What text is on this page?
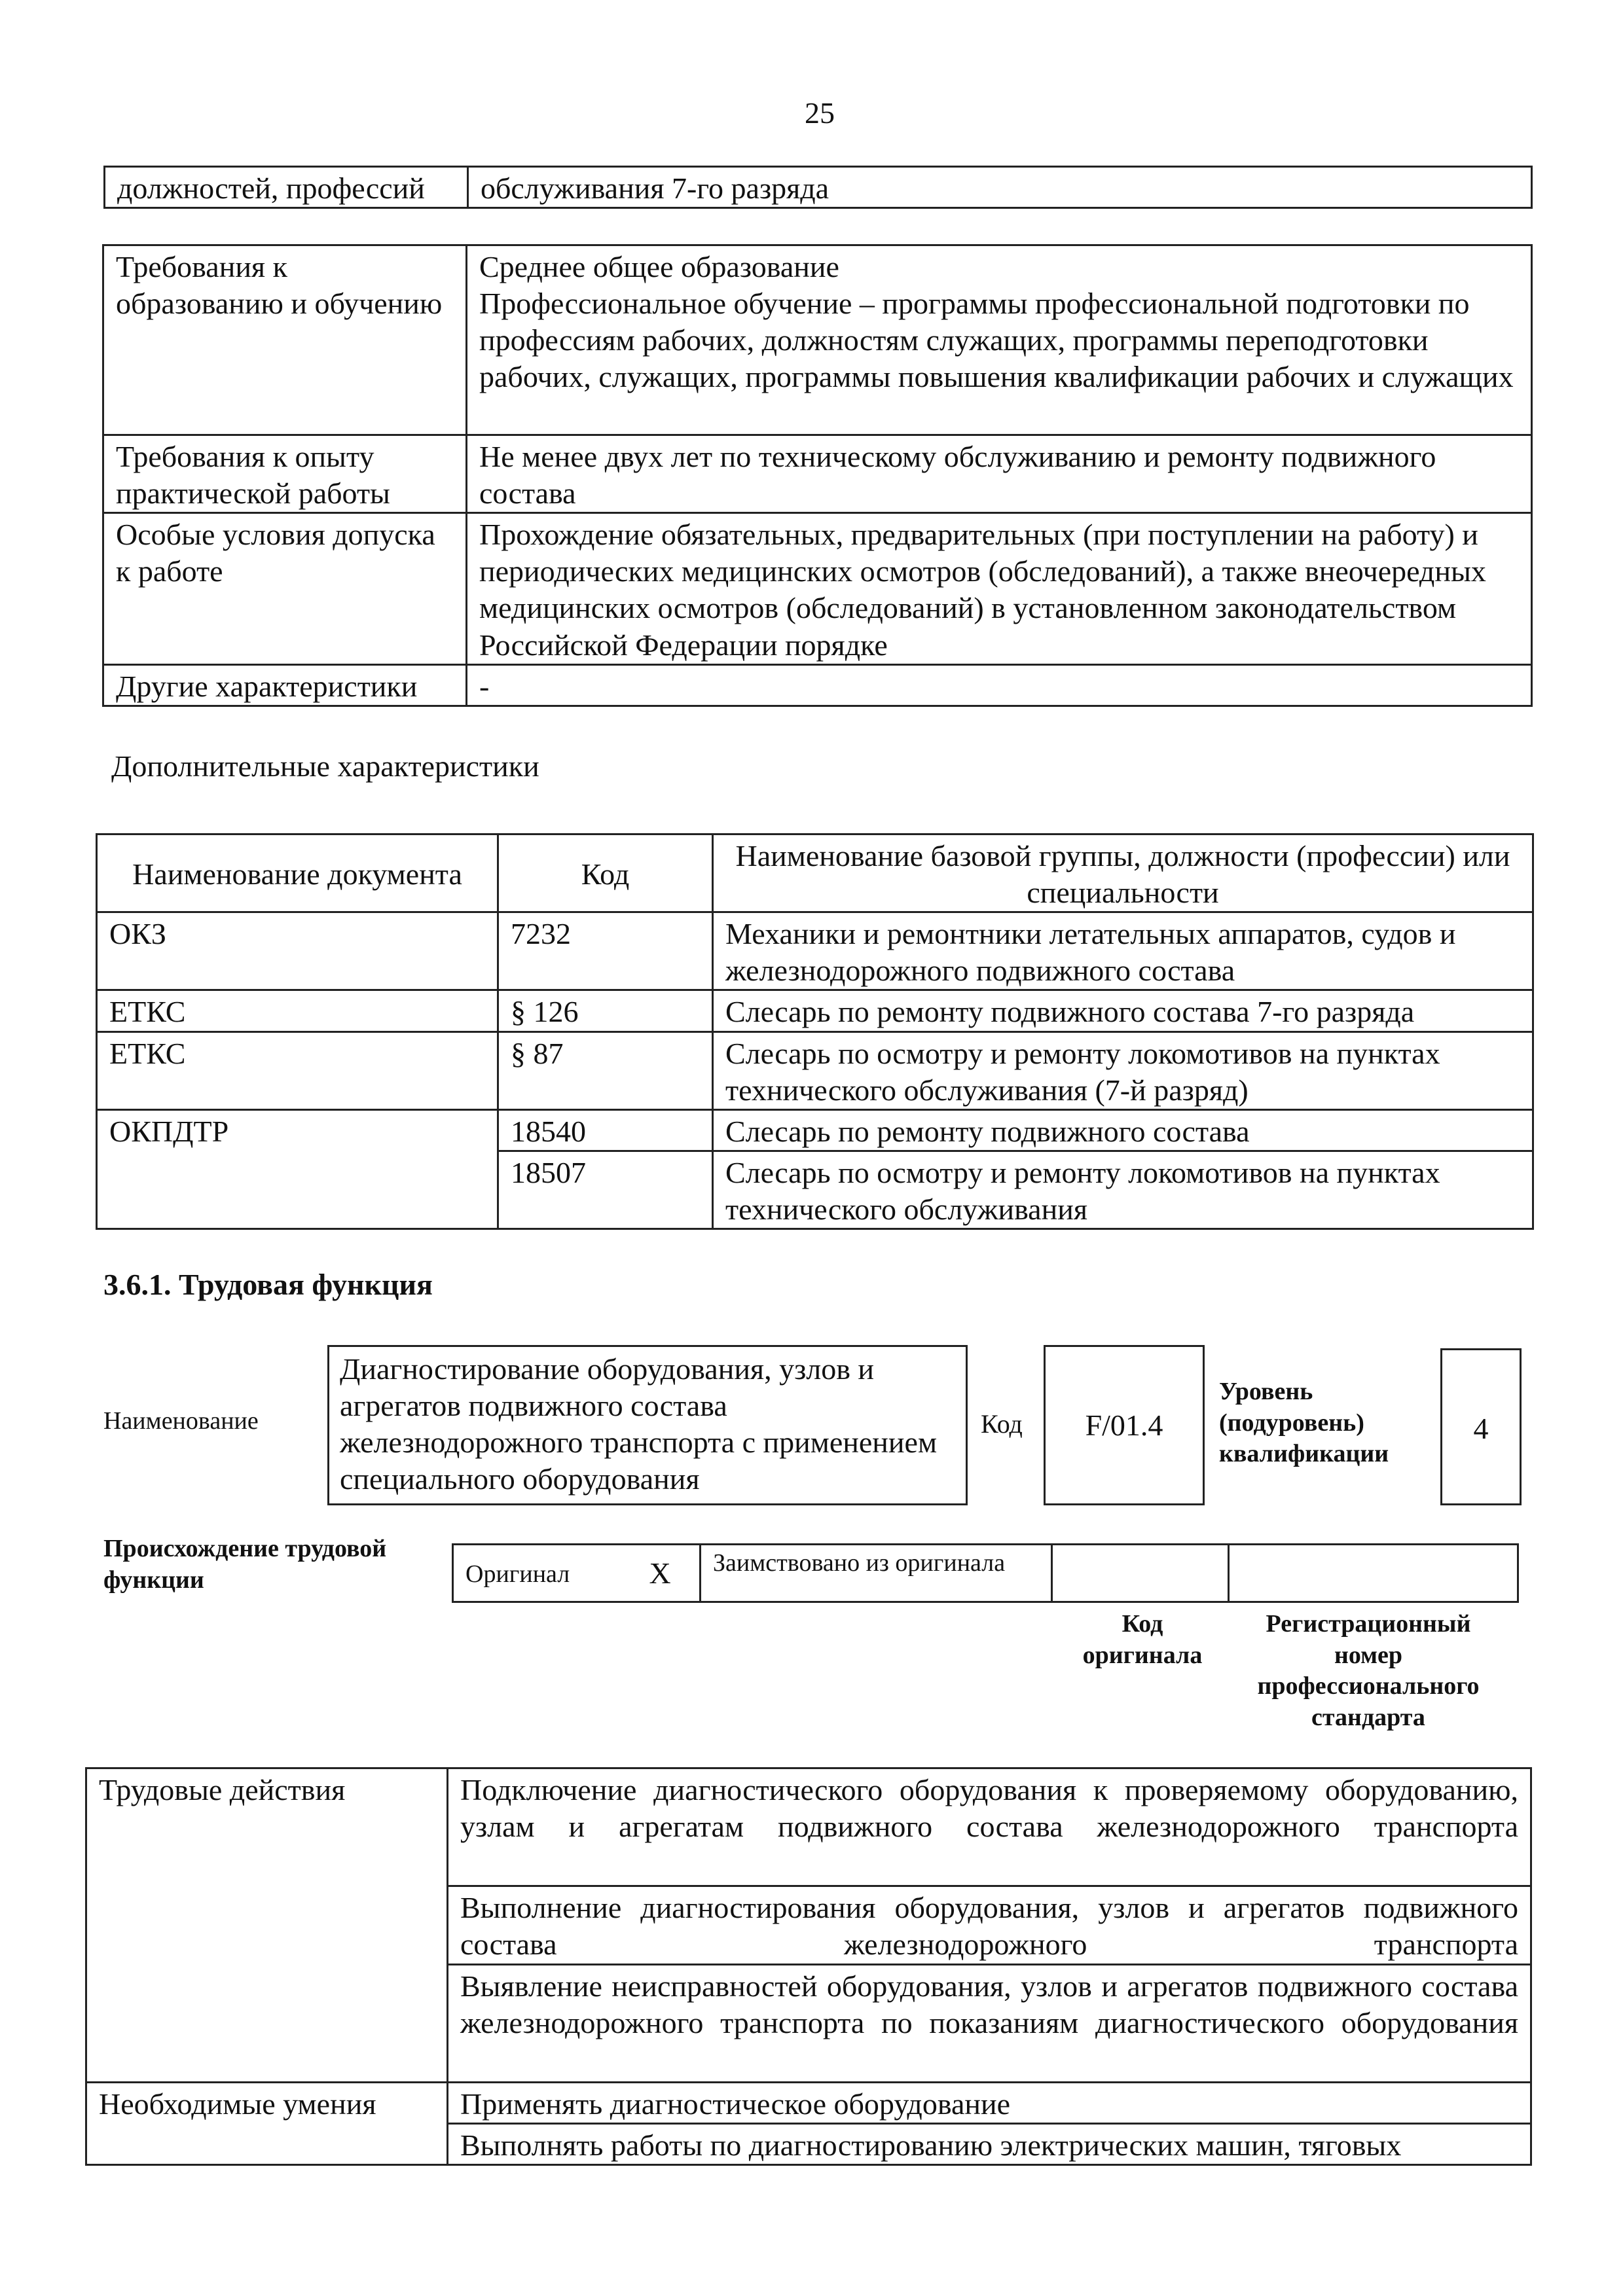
25
должностей, профессий	обслуживания 7-го разряда
Требования к образованию и обучению	Среднее общее образование
Профессиональное обучение – программы профессиональной подготовки по профессиям рабочих, должностям служащих, программы переподготовки рабочих, служащих, программы повышения квалификации рабочих и служащих

Требования к опыту практической работы	Не менее двух лет по техническому обслуживанию и ремонту подвижного состава
Особые условия допуска к работе	Прохождение обязательных, предварительных (при поступлении на работу) и периодических медицинских осмотров (обследований), а также внеочередных медицинских осмотров (обследований) в установленном законодательством Российской Федерации порядке
Другие характеристики	-
Дополнительные характеристики
Наименование документа	Код	Наименование базовой группы, должности (профессии) или специальности
ОКЗ	7232	Механики и ремонтники летательных аппаратов, судов и железнодорожного подвижного состава
ЕТКС	§ 126	Слесарь по ремонту подвижного состава 7-го разряда
ЕТКС	§ 87	Слесарь по осмотру и ремонту локомотивов на пунктах технического обслуживания (7-й разряд)
ОКПДТР	18540	Слесарь по ремонту подвижного состава
	18507	Слесарь по осмотру и ремонту локомотивов на пунктах технического обслуживания
3.6.1. Трудовая функция
Наименование
Диагностирование оборудования, узлов и агрегатов подвижного состава железнодорожного транспорта с применением специального оборудования
Код	F/01.4
Уровень (подуровень) квалификации
4
Происхождение трудовой функции	Оригинал	X	Заимствовано из оригинала		
Код оригинала
Регистрационный номер профессионального стандарта
Трудовые действия	Подключение диагностического оборудования к проверяемому оборудованию, узлам и агрегатам подвижного состава железнодорожного транспорта
	Выполнение диагностирования оборудования, узлов и агрегатов подвижного состава железнодорожного транспорта
	Выявление неисправностей оборудования, узлов и агрегатов подвижного состава железнодорожного транспорта по показаниям диагностического оборудования
Необходимые умения	Применять диагностическое оборудование
	Выполнять работы по диагностированию электрических машин, тяговых
